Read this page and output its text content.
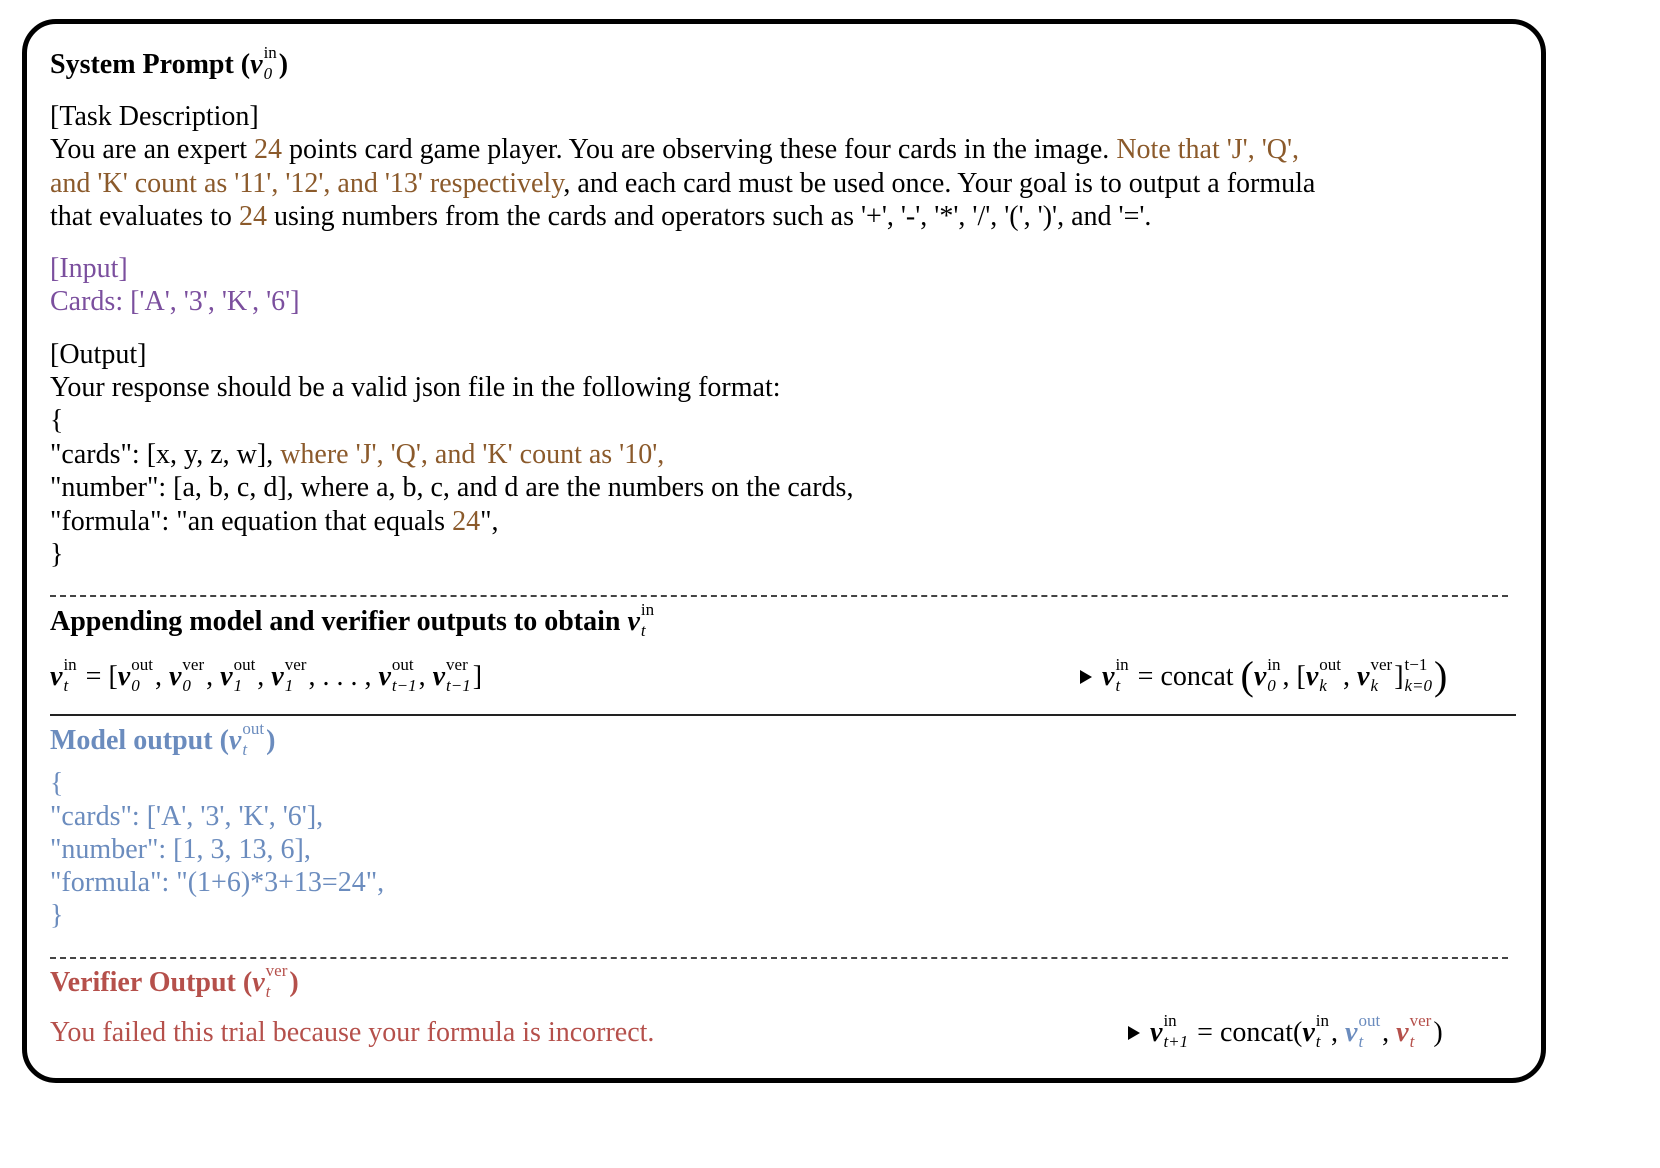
System Prompt (v in
0 )
[Task Description]
You are an expert 24 points card game player. You are observing these four cards in the image. Note that 'J', 'Q',
and 'K' count as '11', '12', and '13' respectively, and each card must be used once. Your goal is to output a formula
that evaluates to 24 using numbers from the cards and operators such as '+', '-', '*', '/', '(', ')', and '='.
[Input]
Cards: ['A', '3', 'K', '6']
[Output]
Your response should be a valid json file in the following format:
{
"cards": [x, y, z, w], where 'J', 'Q', and 'K' count as '10',
"number": [a, b, c, d], where a, b, c, and d are the numbers on the cards,
"formula": "an equation that equals 24",
}
Appending model and verifier outputs to obtain v in
t
v in
t = [v out
0 , v ver
0 , v out
1 , v ver
1 , . . . , v out
t−1 , v ver
t−1 ]	v in
t = concat (v in
0 , [v out
k , v ver
k ] t−1
k=0 )
Model output (v out
t )
{
"cards": ['A', '3', 'K', '6'],
"number": [1, 3, 13, 6],
"formula": "(1+6)*3+13=24",
}
Verifier Output (v ver
t )
You failed this trial because your formula is incorrect.	v in
t+1 = concat(v in
t , v out
t , v ver
t )
